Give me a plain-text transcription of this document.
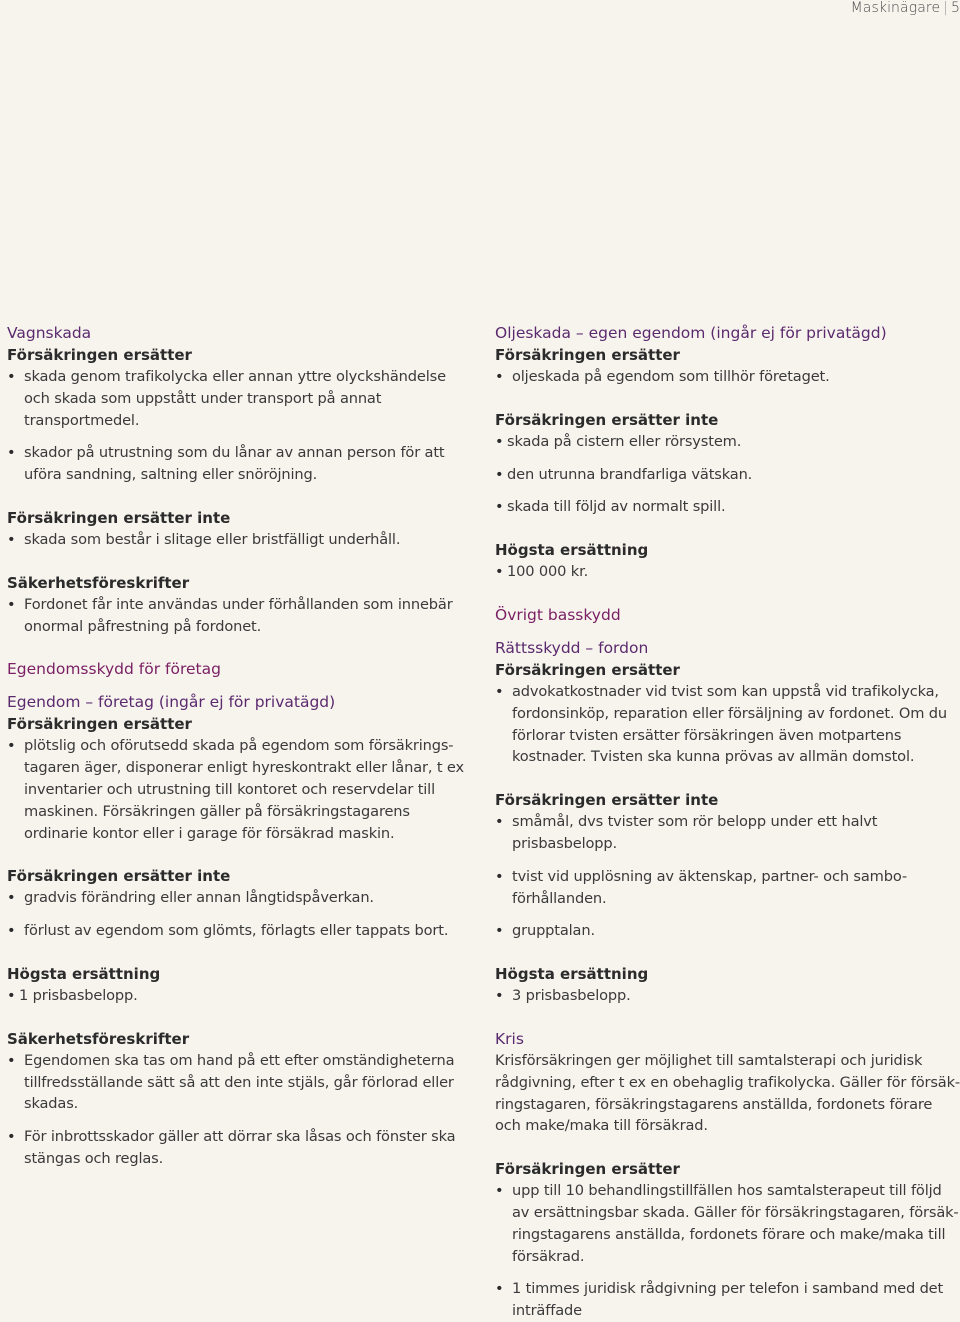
Maskinägare | 5
Vagnskada
Försäkringen ersätter
• skada genom trafikolycka eller annan yttre olyckshändelse och skada som uppstått under transport på annat transportmedel.
• skador på utrustning som du lånar av annan person för att uföra sandning, saltning eller snöröjning.
Försäkringen ersätter inte
• skada som består i slitage eller bristfälligt underhåll.
Säkerhetsföreskrifter
• Fordonet får inte användas under förhållanden som innebär onormal påfrestning på fordonet.
Egendomsskydd för företag
Egendom – företag (ingår ej för privatägd)
Försäkringen ersätter
• plötslig och oförutsedd skada på egendom som försäkrings-tagaren äger, disponerar enligt hyreskontrakt eller lånar, t ex inventarier och utrustning till kontoret och reservdelar till maskinen. Försäkringen gäller på försäkringstagarens ordinarie kontor eller i garage för försäkrad maskin.
Försäkringen ersätter inte
• gradvis förändring eller annan långtidspåverkan.
• förlust av egendom som glömts, förlagts eller tappats bort.
Högsta ersättning
• 1 prisbasbelopp.
Säkerhetsföreskrifter
• Egendomen ska tas om hand på ett efter omständigheterna tillfredsställande sätt så att den inte stjäls, går förlorad eller skadas.
• För inbrottsskador gäller att dörrar ska låsas och fönster ska stängas och reglas.
Oljeskada – egen egendom (ingår ej för privatägd)
Försäkringen ersätter
• oljeskada på egendom som tillhör företaget.
Försäkringen ersätter inte
• skada på cistern eller rörsystem.
• den utrunna brandfarliga vätskan.
• skada till följd av normalt spill.
Högsta ersättning
• 100 000 kr.
Övrigt basskydd
Rättsskydd – fordon
Försäkringen ersätter
• advokatkostnader vid tvist som kan uppstå vid trafikolycka, fordonsinköp, reparation eller försäljning av fordonet. Om du förlorar tvisten ersätter försäkringen även motpartens kostnader. Tvisten ska kunna prövas av allmän domstol.
Försäkringen ersätter inte
• småmål, dvs tvister som rör belopp under ett halvt prisbasbelopp.
• tvist vid upplösning av äktenskap, partner- och sambo-förhållanden.
• grupptalan.
Högsta ersättning
• 3 prisbasbelopp.
Kris

Krisförsäkringen ger möjlighet till samtalsterapi och juridisk rådgivning, efter t ex en obehaglig trafikolycka. Gäller för försäk-ringstagaren, försäkringstagarens anställda, fordonets förare och make/maka till försäkrad.

Försäkringen ersätter
• upp till 10 behandlingstillfällen hos samtalsterapeut till följd av ersättningsbar skada. Gäller för försäkringstagaren, försäk-ringstagarens anställda, fordonets förare och make/maka till försäkrad.
• 1 timmes juridisk rådgivning per telefon i samband med det inträffade
